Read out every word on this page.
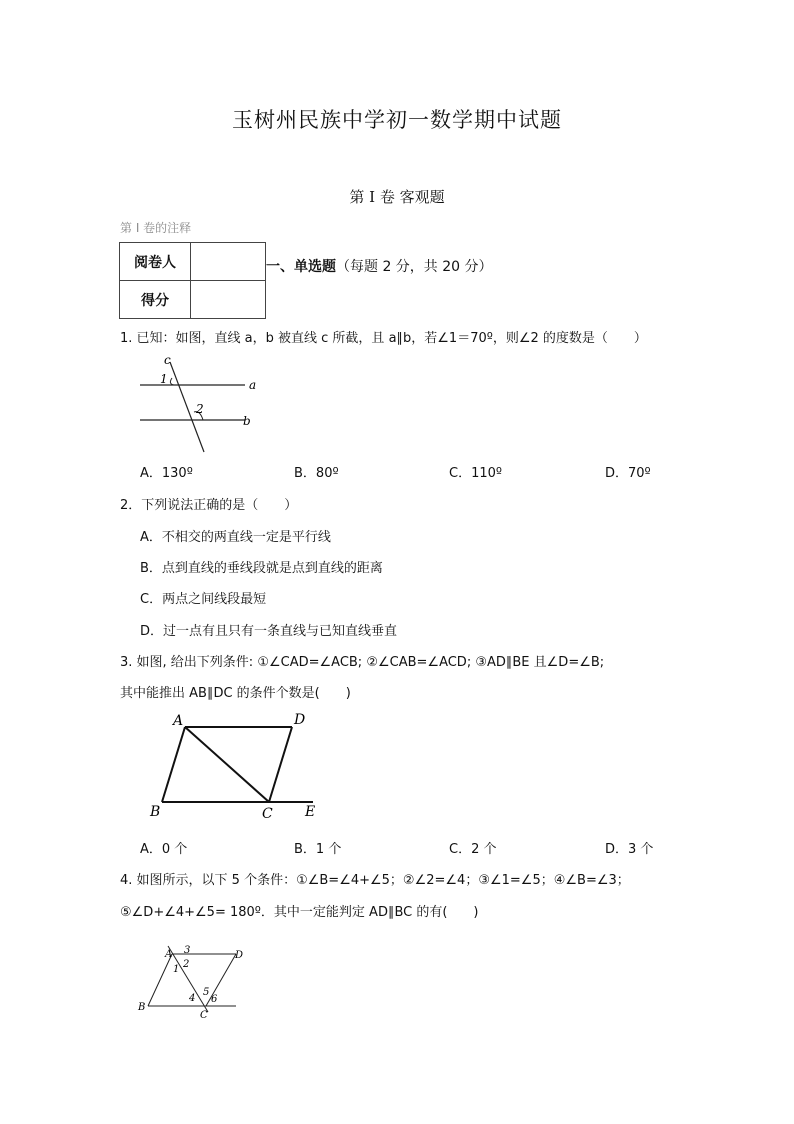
玉树州民族中学初一数学期中试题
第 I 卷 客观题
第 I 卷的注释
阅卷人	
得分	
一、单选题（每题 2 分，共 20 分）
1. 已知：如图，直线 a，b 被直线 c 所截，且 a∥b，若∠1＝70º，则∠2 的度数是（　　）
c
1	a
2
b
A．130º	B．80º	C．110º	D．70º
2．下列说法正确的是（　　）
A．不相交的两直线一定是平行线
B．点到直线的垂线段就是点到直线的距离
C．两点之间线段最短
D．过一点有且只有一条直线与已知直线垂直
3. 如图, 给出下列条件: ①∠CAD=∠ACB; ②∠CAB=∠ACD; ③AD∥BE 且∠D=∠B;
其中能推出 AB∥DC 的条件个数是(　　)
A	D
B	C E
A．0 个	B．1 个	C．2 个	D．3 个
4. 如图所示，以下 5 个条件：①∠B=∠4+∠5；②∠2=∠4；③∠1=∠5；④∠B=∠3；
⑤∠D+∠4+∠5= 180º．其中一定能判定 AD∥BC 的有(　　)
A 3
2
1
D
5
4 6
B
C
